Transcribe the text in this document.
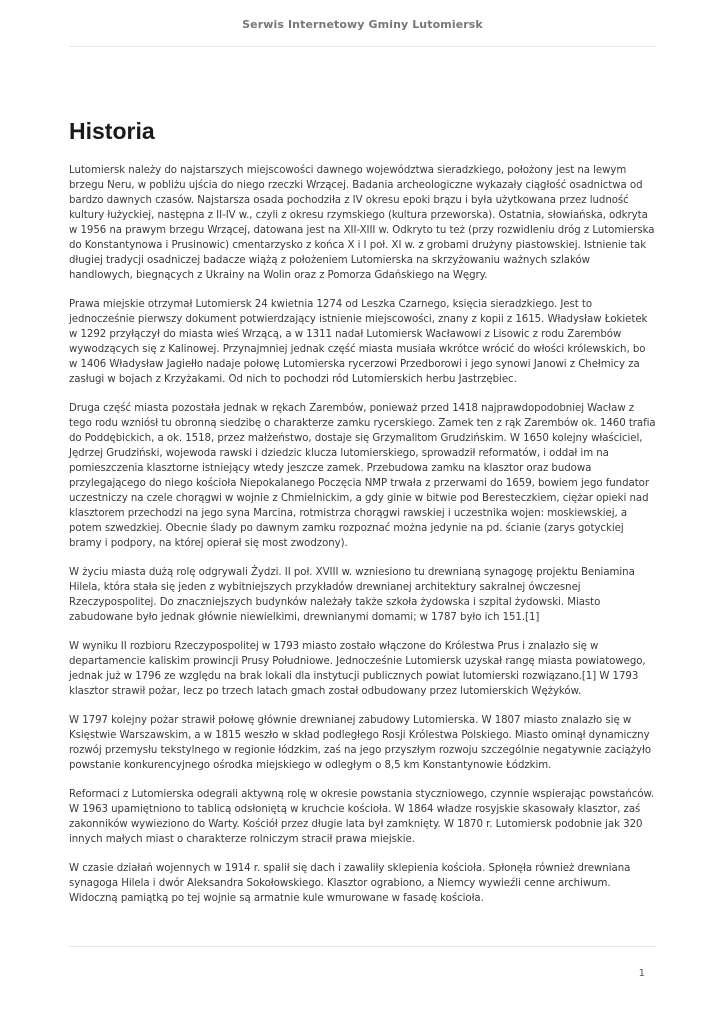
Serwis Internetowy Gminy Lutomiersk
Historia

Lutomiersk należy do najstarszych miejscowości dawnego województwa sieradzkiego, położony jest na lewym brzegu Neru, w pobliżu ujścia do niego rzeczki Wrzącej. Badania archeologiczne wykazały ciągłość osadnictwa od bardzo dawnych czasów. Najstarsza osada pochodziła z IV okresu epoki brązu i była użytkowana przez ludność kultury łużyckiej, następna z II-IV w., czyli z okresu rzymskiego (kultura przeworska). Ostatnia, słowiańska, odkryta w 1956 na prawym brzegu Wrzącej, datowana jest na XII-XIII w. Odkryto tu też (przy rozwidleniu dróg z Lutomierska do Konstantynowa i Prusinowic) cmentarzysko z końca X i I poł. XI w. z grobami drużyny piastowskiej. Istnienie tak długiej tradycji osadniczej badacze wiążą z położeniem Lutomierska na skrzyżowaniu ważnych szlaków handlowych, biegnących z Ukrainy na Wolin oraz z Pomorza Gdańskiego na Węgry.

Prawa miejskie otrzymał Lutomiersk 24 kwietnia 1274 od Leszka Czarnego, księcia sieradzkiego. Jest to jednocześnie pierwszy dokument potwierdzający istnienie miejscowości, znany z kopii z 1615. Władysław Łokietek w 1292 przyłączył do miasta wieś Wrzącą, a w 1311 nadał Lutomiersk Wacławowi z Lisowic z rodu Zarembów wywodzących się z Kalinowej. Przynajmniej jednak część miasta musiała wkrótce wrócić do włości królewskich, bo w 1406 Władysław Jagiełło nadaje połowę Lutomierska rycerzowi Przedborowi i jego synowi Janowi z Chełmicy za zasługi w bojach z Krzyżakami. Od nich to pochodzi ród Lutomierskich herbu Jastrzębiec.

Druga część miasta pozostała jednak w rękach Zarembów, ponieważ przed 1418 najprawdopodobniej Wacław z tego rodu wzniósł tu obronną siedzibę o charakterze zamku rycerskiego. Zamek ten z rąk Zarembów ok. 1460 trafia do Poddębickich, a ok. 1518, przez małżeństwo, dostaje się Grzymalitom Grudzińskim. W 1650 kolejny właściciel, Jędrzej Grudziński, wojewoda rawski i dziedzic klucza lutomierskiego, sprowadził reformatów, i oddał im na pomieszczenia klasztorne istniejący wtedy jeszcze zamek. Przebudowa zamku na klasztor oraz budowa przylegającego do niego kościoła Niepokalanego Poczęcia NMP trwała z przerwami do 1659, bowiem jego fundator uczestniczy na czele chorągwi w wojnie z Chmielnickim, a gdy ginie w bitwie pod Beresteczkiem, ciężar opieki nad klasztorem przechodzi na jego syna Marcina, rotmistrza chorągwi rawskiej i uczestnika wojen: moskiewskiej, a potem szwedzkiej. Obecnie ślady po dawnym zamku rozpoznać można jedynie na pd. ścianie (zarys gotyckiej bramy i podpory, na której opierał się most zwodzony).

W życiu miasta dużą rolę odgrywali Żydzi. II poł. XVIII w. wzniesiono tu drewnianą synagogę projektu Beniamina Hilela, która stała się jeden z wybitniejszych przykładów drewnianej architektury sakralnej ówczesnej Rzeczypospolitej. Do znaczniejszych budynków należały także szkoła żydowska i szpital żydowski. Miasto zabudowane było jednak głównie niewielkimi, drewnianymi domami; w 1787 było ich 151.[1]

W wyniku II rozbioru Rzeczypospolitej w 1793 miasto zostało włączone do Królestwa Prus i znalazło się w departamencie kaliskim prowincji Prusy Południowe. Jednocześnie Lutomiersk uzyskał rangę miasta powiatowego, jednak już w 1796 ze względu na brak lokali dla instytucji publicznych powiat lutomierski rozwiązano.[1] W 1793 klasztor strawił pożar, lecz po trzech latach gmach został odbudowany przez lutomierskich Wężyków.

W 1797 kolejny pożar strawił połowę głównie drewnianej zabudowy Lutomierska. W 1807 miasto znalazło się w Księstwie Warszawskim, a w 1815 weszło w skład podległego Rosji Królestwa Polskiego. Miasto ominął dynamiczny rozwój przemysłu tekstylnego w regionie łódzkim, zaś na jego przyszłym rozwoju szczególnie negatywnie zaciążyło powstanie konkurencyjnego ośrodka miejskiego w odległym o 8,5 km Konstantynowie Łódzkim.

Reformaci z Lutomierska odegrali aktywną rolę w okresie powstania styczniowego, czynnie wspierając powstańców. W 1963 upamiętniono to tablicą odsłoniętą w kruchcie kościoła. W 1864 władze rosyjskie skasowały klasztor, zaś zakonników wywieziono do Warty. Kościół przez długie lata był zamknięty. W 1870 r. Lutomiersk podobnie jak 320 innych małych miast o charakterze rolniczym stracił prawa miejskie.

W czasie działań wojennych w 1914 r. spalił się dach i zawaliły sklepienia kościoła. Spłonęła również drewniana synagoga Hilela i dwór Aleksandra Sokołowskiego. Klasztor ograbiono, a Niemcy wywieźli cenne archiwum. Widoczną pamiątką po tej wojnie są armatnie kule wmurowane w fasadę kościoła.

1
